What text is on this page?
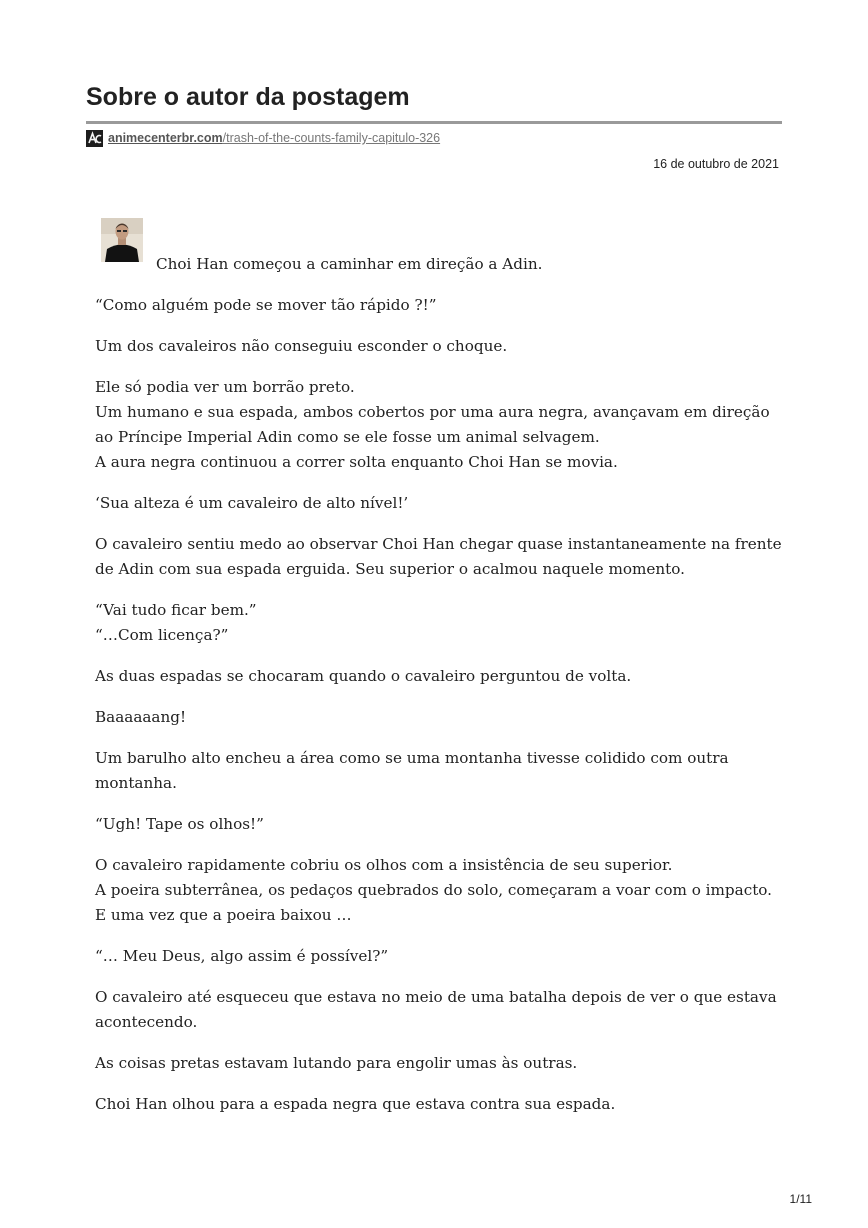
Sobre o autor da postagem
animecenterbr.com /trash-of-the-counts-family-capitulo-326
16 de outubro de 2021

Choi Han começou a caminhar em direção a Adin.

“Como alguém pode se mover tão rápido ?!”

Um dos cavaleiros não conseguiu esconder o choque.

Ele só podia ver um borrão preto.
Um humano e sua espada, ambos cobertos por uma aura negra, avançavam em direção ao Príncipe Imperial Adin como se ele fosse um animal selvagem.
A aura negra continuou a correr solta enquanto Choi Han se movia.

‘Sua alteza é um cavaleiro de alto nível!’

O cavaleiro sentiu medo ao observar Choi Han chegar quase instantaneamente na frente de Adin com sua espada erguida. Seu superior o acalmou naquele momento.

“Vai tudo ficar bem.”
“…Com licença?”

As duas espadas se chocaram quando o cavaleiro perguntou de volta.

Baaaaaang!

Um barulho alto encheu a área como se uma montanha tivesse colidido com outra montanha.

“Ugh! Tape os olhos!”

O cavaleiro rapidamente cobriu os olhos com a insistência de seu superior.
A poeira subterrânea, os pedaços quebrados do solo, começaram a voar com o impacto.
E uma vez que a poeira baixou …

“… Meu Deus, algo assim é possível?”

O cavaleiro até esqueceu que estava no meio de uma batalha depois de ver o que estava acontecendo.

As coisas pretas estavam lutando para engolir umas às outras.

Choi Han olhou para a espada negra que estava contra sua espada.

1/11
